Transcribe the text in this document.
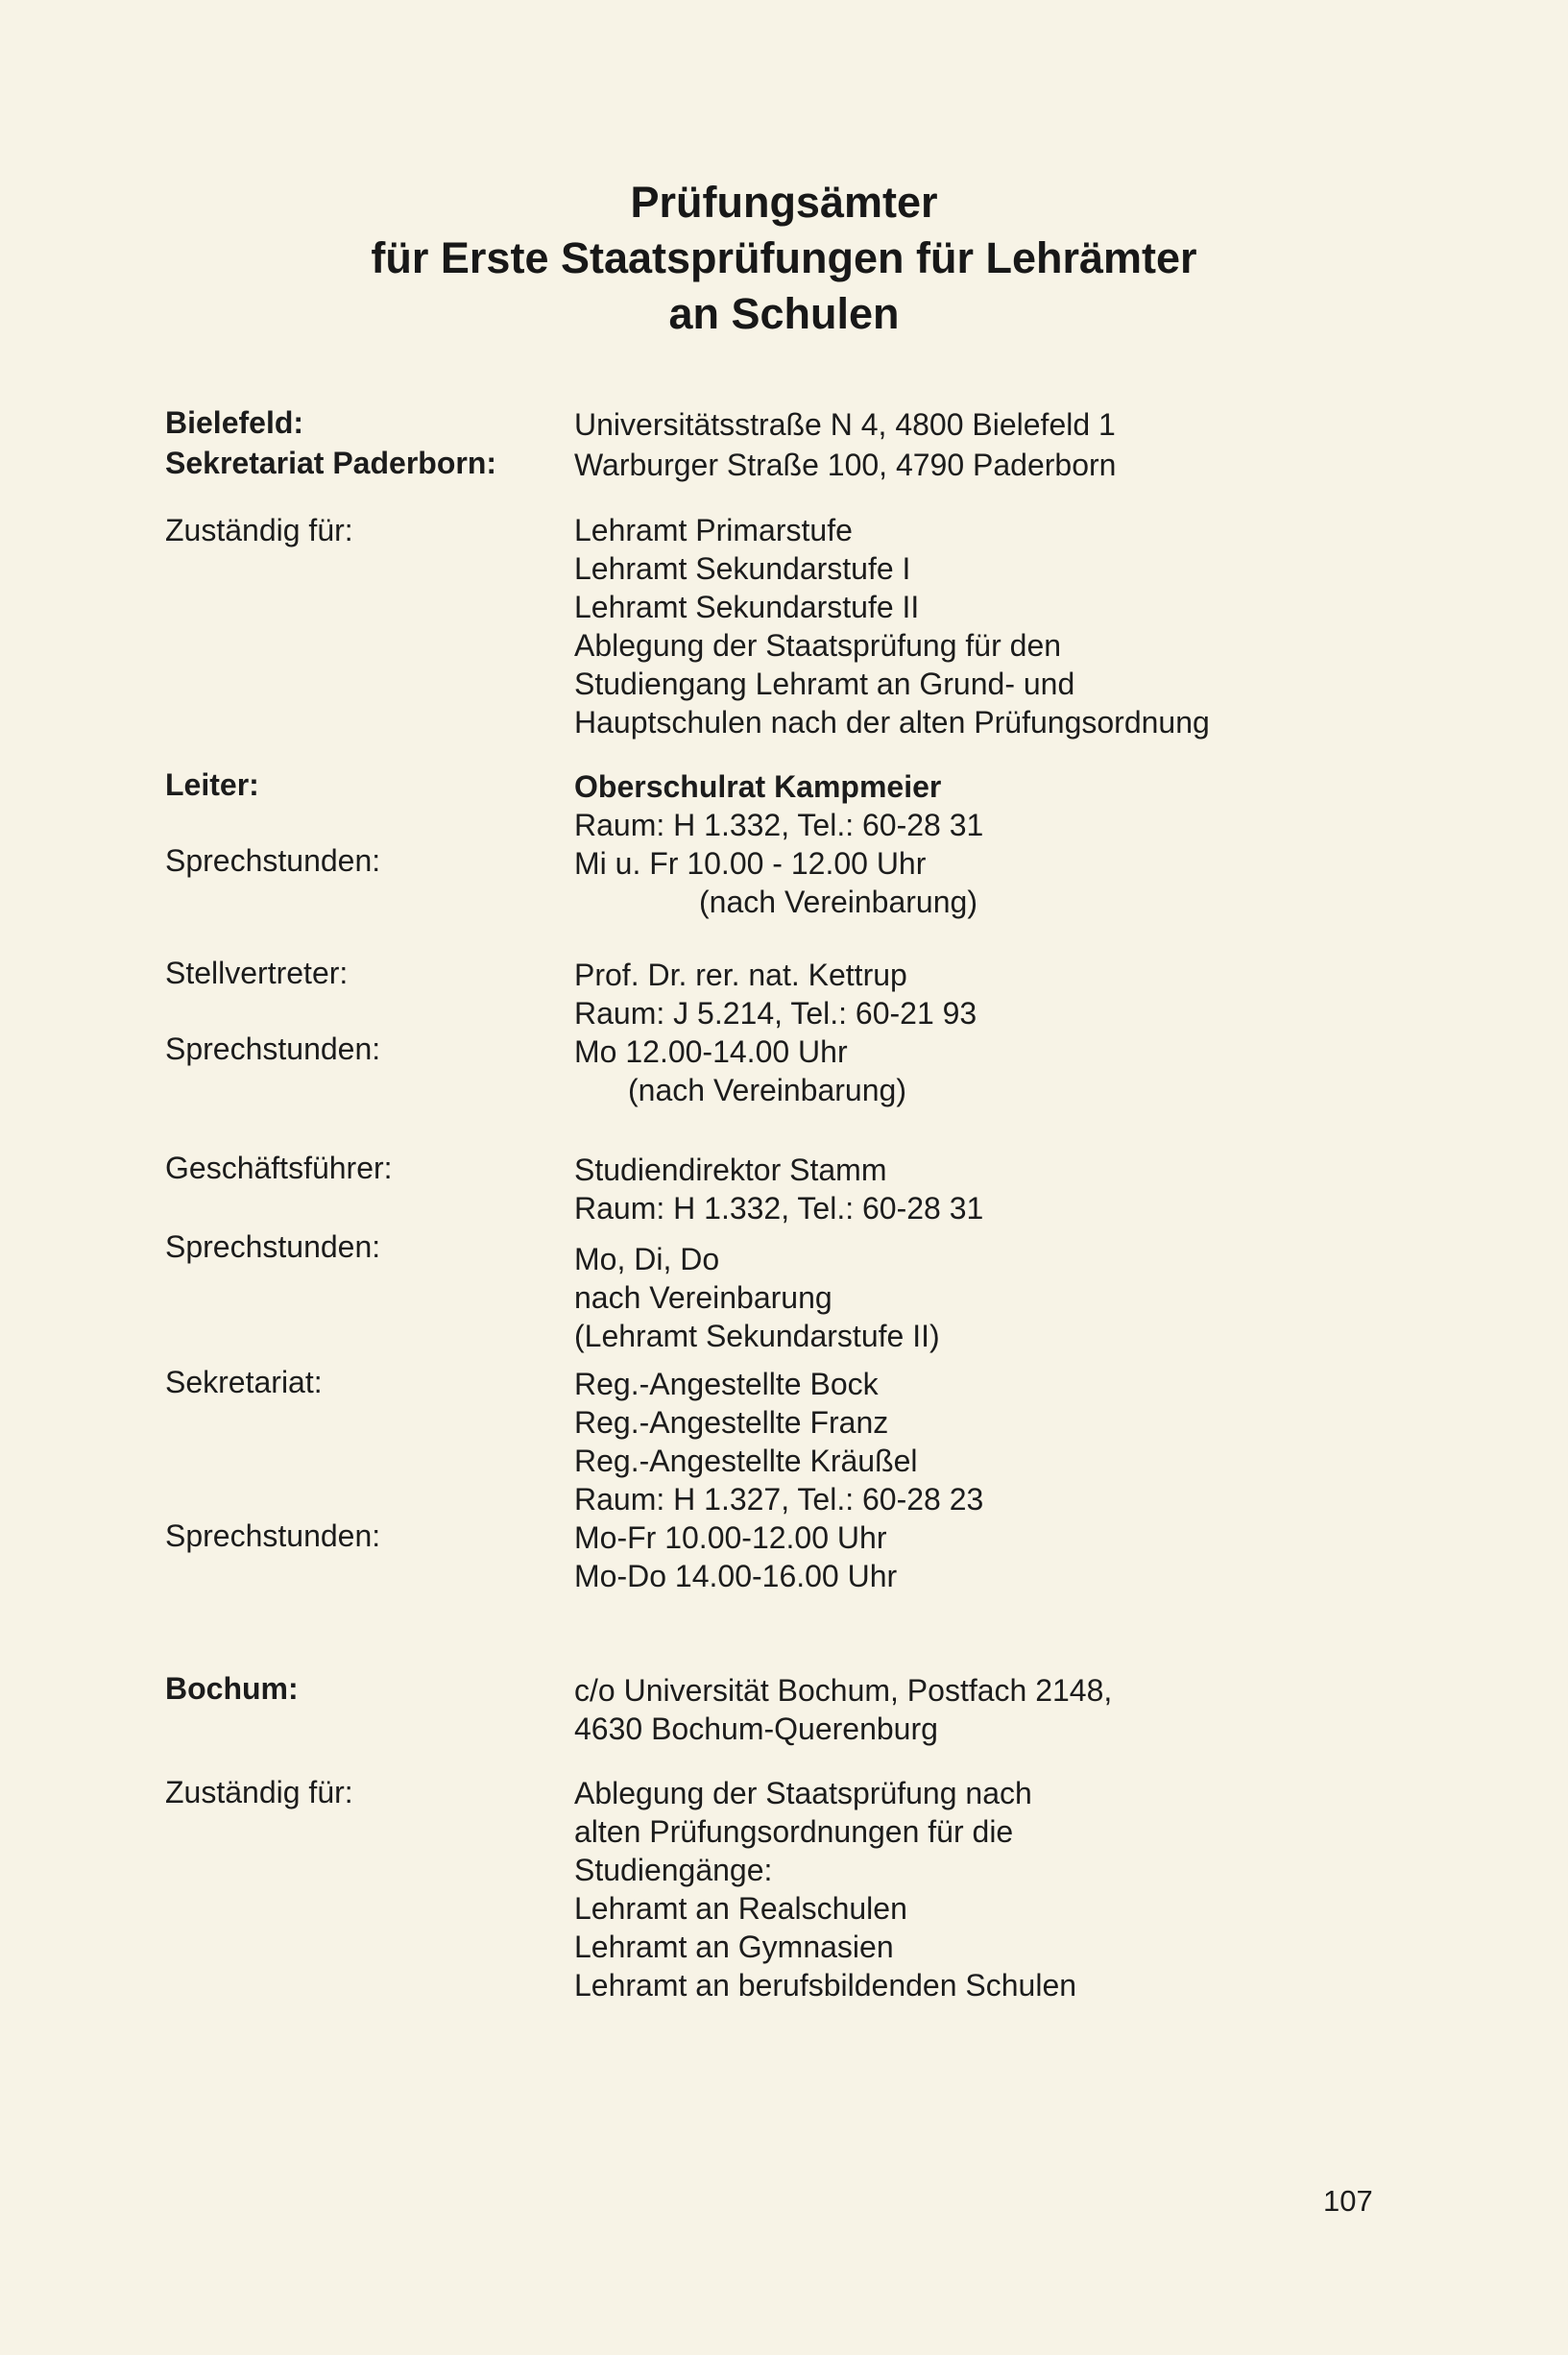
Prüfungsämter
für Erste Staatsprüfungen für Lehrämter
an Schulen
Bielefeld:	Universitätsstraße N 4, 4800 Bielefeld 1
Sekretariat Paderborn:	Warburger Straße 100, 4790 Paderborn
Zuständig für:	Lehramt Primarstufe
Lehramt Sekundarstufe I
Lehramt Sekundarstufe II
Ablegung der Staatsprüfung für den
Studiengang Lehramt an Grund- und
Hauptschulen nach der alten Prüfungsordnung
Leiter:	Oberschulrat Kampmeier
Raum: H 1.332, Tel.: 60-28 31
Sprechstunden:	Mi u. Fr 10.00 - 12.00 Uhr
(nach Vereinbarung)
Stellvertreter:	Prof. Dr. rer. nat. Kettrup
Raum: J 5.214, Tel.: 60-21 93
Sprechstunden:	Mo 12.00-14.00 Uhr
(nach Vereinbarung)
Geschäftsführer:	Studiendirektor Stamm
Raum: H 1.332, Tel.: 60-28 31
Sprechstunden:	Mo, Di, Do
nach Vereinbarung
(Lehramt Sekundarstufe II)
Sekretariat:	Reg.-Angestellte Bock
Reg.-Angestellte Franz
Reg.-Angestellte Kräußel
Raum: H 1.327, Tel.: 60-28 23
Sprechstunden:	Mo-Fr 10.00-12.00 Uhr
Mo-Do 14.00-16.00 Uhr
Bochum:	c/o Universität Bochum, Postfach 2148,
4630 Bochum-Querenburg
Zuständig für:	Ablegung der Staatsprüfung nach
alten Prüfungsordnungen für die
Studiengänge:
Lehramt an Realschulen
Lehramt an Gymnasien
Lehramt an berufsbildenden Schulen
107
